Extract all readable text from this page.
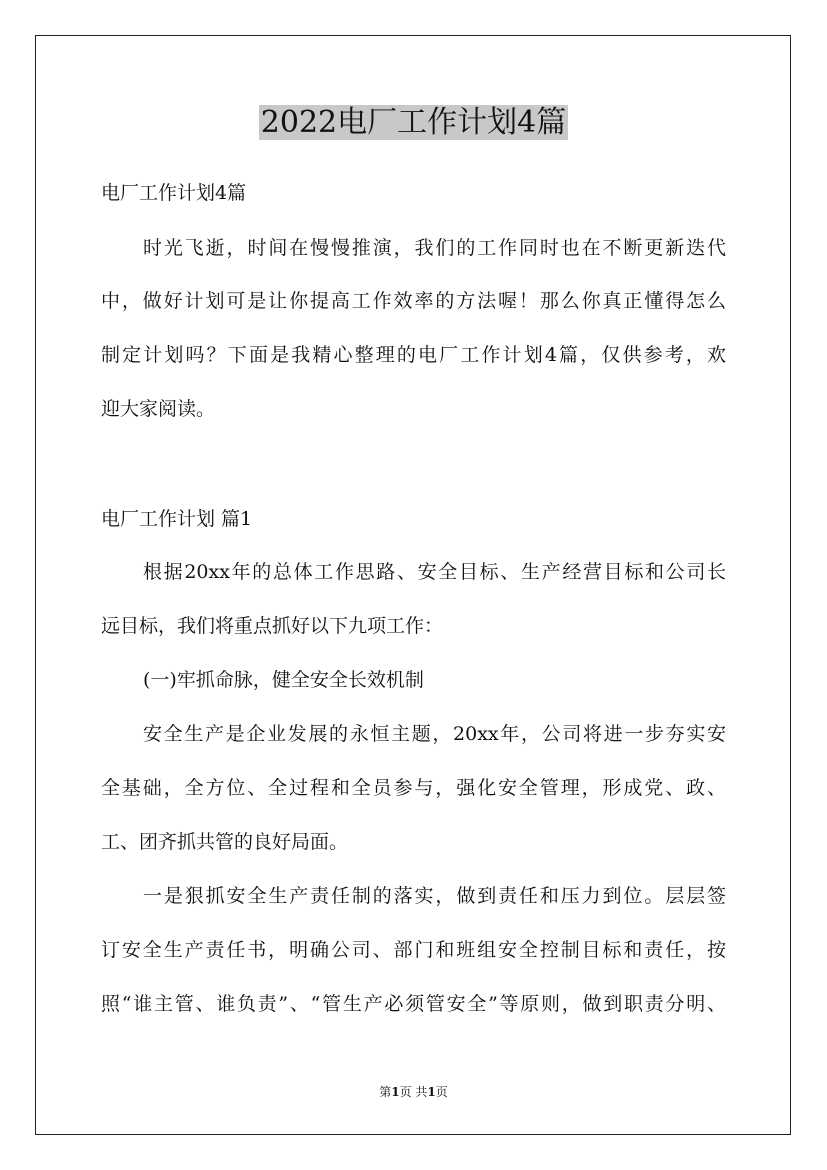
2022电厂工作计划4篇
电厂工作计划4篇
时光飞逝，时间在慢慢推演，我们的工作同时也在不断更新迭代
中，做好计划可是让你提高工作效率的方法喔！那么你真正懂得怎么
制定计划吗？下面是我精心整理的电厂工作计划4篇，仅供参考，欢
迎大家阅读。
电厂工作计划 篇1
根据20xx年的总体工作思路、安全目标、生产经营目标和公司长
远目标，我们将重点抓好以下九项工作：
(一)牢抓命脉，健全安全长效机制
安全生产是企业发展的永恒主题，20xx年，公司将进一步夯实安
全基础，全方位、全过程和全员参与，强化安全管理，形成党、政、
工、团齐抓共管的良好局面。
一是狠抓安全生产责任制的落实，做到责任和压力到位。层层签
订安全生产责任书，明确公司、部门和班组安全控制目标和责任，按
照“谁主管、谁负责”、“管生产必须管安全”等原则，做到职责分明、
第1页 共1页
